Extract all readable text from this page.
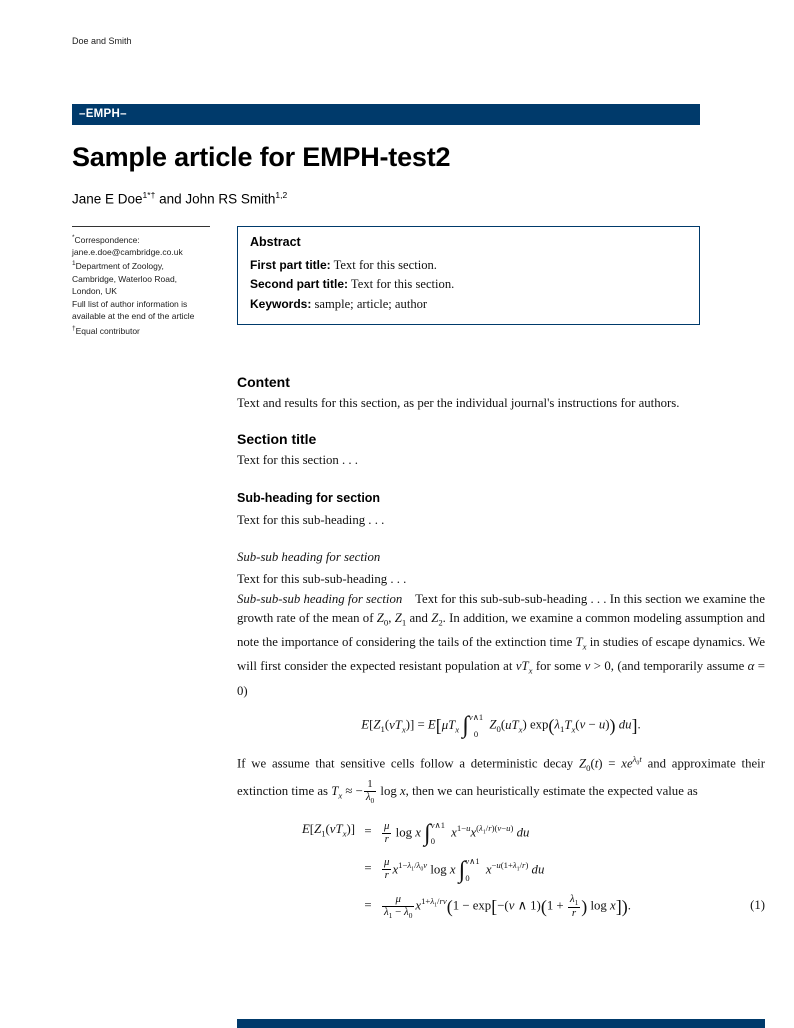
Doe and Smith
–EMPH–
Sample article for EMPH-test2
Jane E Doe$^{1*\dagger}$ and John RS Smith$^{1,2}$
*Correspondence:
jane.e.doe@cambridge.co.uk
$^1$Department of Zoology,
Cambridge, Waterloo Road,
London, UK
Full list of author information is
available at the end of the article
†Equal contributor
Abstract
First part title: Text for this section.
Second part title: Text for this section.
Keywords: sample; article; author
Content

Text and results for this section, as per the individual journal's instructions for authors.

Section title

Text for this section . . .

Sub-heading for section

Text for this sub-heading . . .

Sub-sub heading for section

Text for this sub-sub-heading . . .

Sub-sub-sub heading for section Text for this sub-sub-sub-heading . . . In this section we examine the growth rate of the mean of $Z_0$, $Z_1$ and $Z_2$. In addition, we examine a common modeling assumption and note the importance of considering the tails of the extinction time $T_x$ in studies of escape dynamics. We will first consider the expected resistant population at $vT_x$ for some v > 0, (and temporarily assume α = 0)

$E[Z_1(vT_x)] = E[\mu T_x$ ∫ v∧1
0
$Z_0(uT_x) \exp(\lambda_1T_x(v - u))$ du].

If we assume that sensitive cells follow a deterministic decay $Z_0(t) = xe^{\lambda_0t}$ and approximate their extinction time as $T_x$ ≈ − $\frac{1}{\lambda_0}$ log x, then we can heuristically estimate the expected value as

$E[Z_1(vT_x)]$	=	$\frac{\mu}{r}$ log x ∫ v∧1
0
$x^{1-u}x^{(\lambda_1/r)(v-u)}$ du	
	=	$\frac{\mu}{r} x^{1-\lambda_1/\lambda_0v}$ log x ∫ v∧1
0
$x^{-u(1+\lambda_1/r)}$ du	
	=	$\frac{\mu}{\lambda_1 - \lambda_0} x^{1+\lambda_1/rv}(1 - \exp[-(v$ ∧ $1)(1 + \frac{\lambda_1}{r}$ ) log x]).	(1)
